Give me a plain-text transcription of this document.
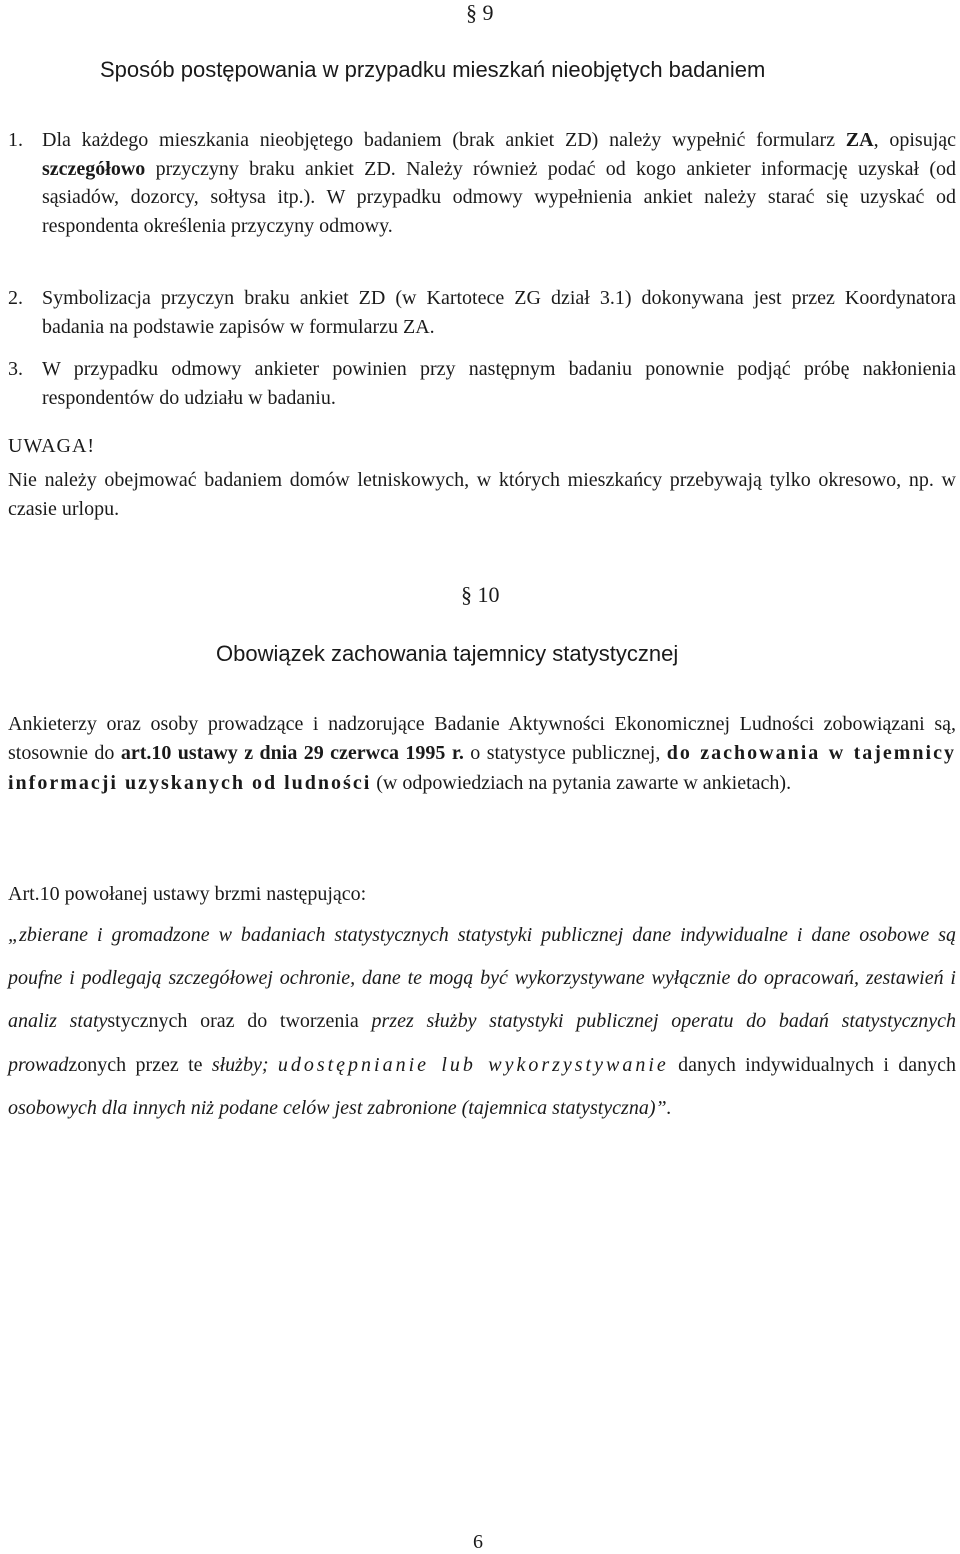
§ 9
Sposób postępowania w przypadku mieszkań nieobjętych badaniem
1. Dla każdego mieszkania nieobjętego badaniem (brak ankiet ZD) należy wypełnić formularz ZA, opisując szczegółowo przyczyny braku ankiet ZD. Należy również podać od kogo ankieter informację uzyskał (od sąsiadów, dozorcy, sołtysa itp.). W przypadku odmowy wypełnienia ankiet należy starać się uzyskać od respondenta określenia przyczyny odmowy.
2. Symbolizacja przyczyn braku ankiet ZD (w Kartotece ZG dział 3.1) dokonywana jest przez Koordynatora badania na podstawie zapisów w formularzu ZA.
3. W przypadku odmowy ankieter powinien przy następnym badaniu ponownie podjąć próbę nakłonienia respondentów do udziału w badaniu.
UWAGA!
Nie należy obejmować badaniem domów letniskowych, w których mieszkańcy przebywają tylko okresowo, np. w czasie urlopu.
§ 10
Obowiązek zachowania tajemnicy statystycznej
Ankieterzy oraz osoby prowadzące i nadzorujące Badanie Aktywności Ekonomicznej Ludności zobowiązani są, stosownie do art.10 ustawy z dnia 29 czerwca 1995 r. o statystyce publicznej, do zachowania w tajemnicy informacji uzyskanych od ludności (w odpowiedziach na pytania zawarte w ankietach).
Art.10 powołanej ustawy brzmi następująco:
„zbierane i gromadzone w badaniach statystycznych statystyki publicznej dane indywidualne i dane osobowe są poufne i podlegają szczegółowej ochronie, dane te mogą być wykorzystywane wyłącznie do opracowań, zestawień i analiz statystycznych oraz do tworzenia przez służby statystyki publicznej operatu do badań statystycznych prowadzonych przez te służby; udostępnianie lub wykorzystywanie danych indywidualnych i danych osobowych dla innych niż podane celów jest zabronione (tajemnica statystyczna)”.
6
